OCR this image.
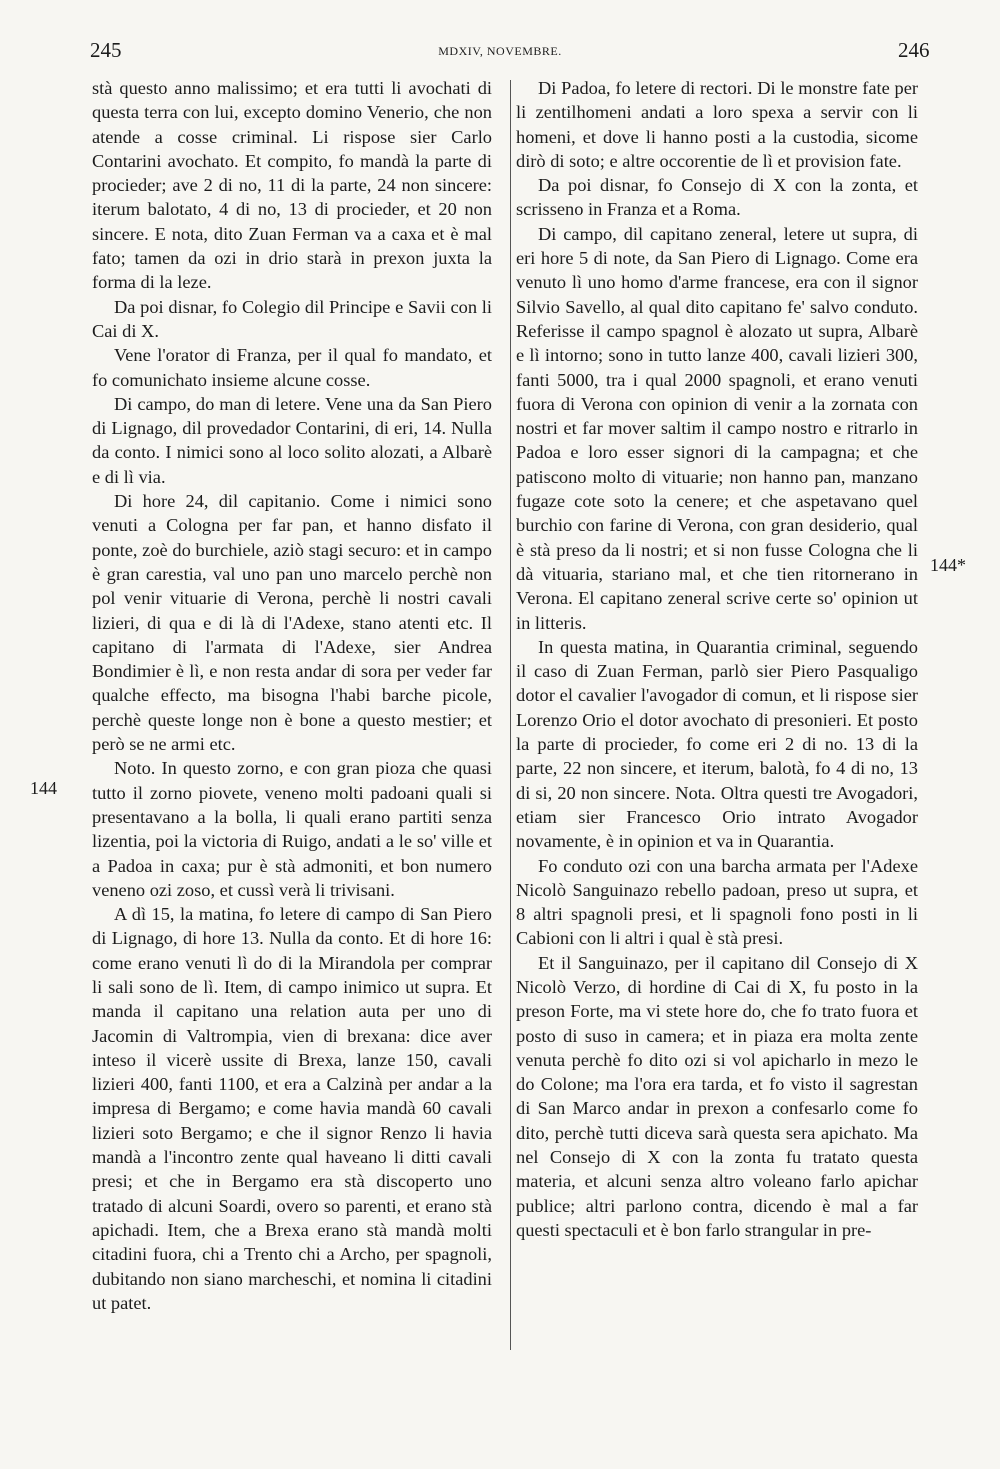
245	MDXIV, NOVEMBRE.	246

stà questo anno malissimo; et era tutti li avochati di questa terra con lui, excepto domino Venerio, che non atende a cosse criminal. Li rispose sier Carlo Contarini avochato. Et compito, fo mandà la parte di procieder; ave 2 di no, 11 di la parte, 24 non sincere: iterum balotato, 4 di no, 13 di procieder, et 20 non sincere. E nota, dito Zuan Ferman va a caxa et è mal fato; tamen da ozi in drio starà in prexon juxta la forma di la leze.

Da poi disnar, fo Colegio dil Principe e Savii con li Cai di X.

Vene l'orator di Franza, per il qual fo mandato, et fo comunichato insieme alcune cosse.

Di campo, do man di letere. Vene una da San Piero di Lignago, dil provedador Contarini, di eri, 14. Nulla da conto. I nimici sono al loco solito alozati, a Albarè e di lì via.

Di hore 24, dil capitanio. Come i nimici sono venuti a Cologna per far pan, et hanno disfato il ponte, zoè do burchiele, aziò stagi securo: et in campo è gran carestia, val uno pan uno marcelo perchè non pol venir vituarie di Verona, perchè li nostri cavali lizieri, di qua e di là di l'Adexe, stano atenti etc. Il capitano di l'armata di l'Adexe, sier Andrea Bondimier è lì, e non resta andar di sora per veder far qualche effecto, ma bisogna l'habi barche picole, perchè queste longe non è bone a questo mestier; et però se ne armi etc.

Noto. In questo zorno, e con gran pioza che quasi tutto il zorno piovete, veneno molti padoani quali si presentavano a la bolla, li quali erano partiti senza lizentia, poi la victoria di Ruigo, andati a le so' ville et a Padoa in caxa; pur è stà admoniti, et bon numero veneno ozi zoso, et cussì verà li trivisani.

A dì 15, la matina, fo letere di campo di San Piero di Lignago, di hore 13. Nulla da conto. Et di hore 16: come erano venuti lì do di la Mirandola per comprar li sali sono de lì. Item, di campo inimico ut supra. Et manda il capitano una relation auta per uno di Jacomin di Valtrompia, vien di brexana: dice aver inteso il vicerè ussite di Brexa, lanze 150, cavali lizieri 400, fanti 1100, et era a Calzinà per andar a la impresa di Bergamo; e come havia mandà 60 cavali lizieri soto Bergamo; e che il signor Renzo li havia mandà a l'incontro zente qual haveano li ditti cavali presi; et che in Bergamo era stà discoperto uno tratado di alcuni Soardi, overo so parenti, et erano stà apichadi. Item, che a Brexa erano stà mandà molti citadini fuora, chi a Trento chi a Archo, per spagnoli, dubitando non siano marcheschi, et nomina li citadini ut patet.

Di Padoa, fo letere di rectori. Di le monstre fate per li zentilhomeni andati a loro spexa a servir con li homeni, et dove li hanno posti a la custodia, sicome dirò di soto; e altre occorentie de lì et provision fate.

Da poi disnar, fo Consejo di X con la zonta, et scrisseno in Franza et a Roma.

Di campo, dil capitano zeneral, letere ut supra, di eri hore 5 di note, da San Piero di Lignago. Come era venuto lì uno homo d'arme francese, era con il signor Silvio Savello, al qual dito capitano fe' salvo conduto. Referisse il campo spagnol è alozato ut supra, Albarè e lì intorno; sono in tutto lanze 400, cavali lizieri 300, fanti 5000, tra i qual 2000 spagnoli, et erano venuti fuora di Verona con opinion di venir a la zornata con nostri et far mover saltim il campo nostro e ritrarlo in Padoa e loro esser signori di la campagna; et che patiscono molto di vituarie; non hanno pan, manzano fugaze cote soto la cenere; et che aspetavano quel burchio con farine di Verona, con gran desiderio, qual è stà preso da li nostri; et si non fusse Cologna che li dà vituaria, stariano mal, et che tien ritornerano in Verona. El capitano zeneral scrive certe so' opinion ut in litteris.

In questa matina, in Quarantia criminal, seguendo il caso di Zuan Ferman, parlò sier Piero Pasqualigo dotor el cavalier l'avogador di comun, et li rispose sier Lorenzo Orio el dotor avochato di presonieri. Et posto la parte di procieder, fo come eri 2 di no. 13 di la parte, 22 non sincere, et iterum, balotà, fo 4 di no, 13 di si, 20 non sincere. Nota. Oltra questi tre Avogadori, etiam sier Francesco Orio intrato Avogador novamente, è in opinion et va in Quarantia.

Fo conduto ozi con una barcha armata per l'Adexe Nicolò Sanguinazo rebello padoan, preso ut supra, et 8 altri spagnoli presi, et li spagnoli fono posti in li Cabioni con li altri i qual è stà presi.

Et il Sanguinazo, per il capitano dil Consejo di X Nicolò Verzo, di hordine di Cai di X, fu posto in la preson Forte, ma vi stete hore do, che fo trato fuora et posto di suso in camera; et in piaza era molta zente venuta perchè fo dito ozi si vol apicharlo in mezo le do Colone; ma l'ora era tarda, et fo visto il sagrestan di San Marco andar in prexon a confesarlo come fo dito, perchè tutti diceva sarà questa sera apichato. Ma nel Consejo di X con la zonta fu tratato questa materia, et alcuni senza altro voleano farlo apichar publice; altri parlono contra, dicendo è mal a far questi spectaculi et è bon farlo strangular in pre-

144
144*
